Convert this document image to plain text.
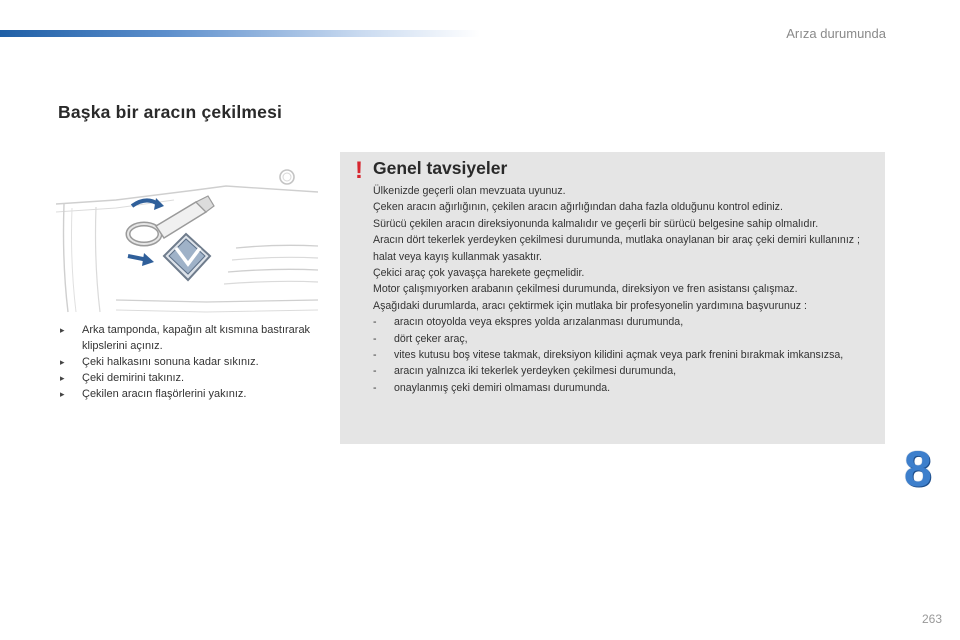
Arıza durumunda
Başka bir aracın çekilmesi
▸ Arka tamponda, kapağın alt kısmına bastırarak klipslerini açınız.
▸ Çeki halkasını sonuna kadar sıkınız.
▸ Çeki demirini takınız.
▸ Çekilen aracın flaşörlerini yakınız.
! Genel tavsiyeler

Ülkenizde geçerli olan mevzuata uyunuz.

Çeken aracın ağırlığının, çekilen aracın ağırlığından daha fazla olduğunu kontrol ediniz.

Sürücü çekilen aracın direksiyonunda kalmalıdır ve geçerli bir sürücü belgesine sahip olmalıdır.

Aracın dört tekerlek yerdeyken çekilmesi durumunda, mutlaka onaylanan bir araç çeki demiri kullanınız ; halat veya kayış kullanmak yasaktır.

Çekici araç çok yavaşça harekete geçmelidir.

Motor çalışmıyorken arabanın çekilmesi durumunda, direksiyon ve fren asistansı çalışmaz.

Aşağıdaki durumlarda, aracı çektirmek için mutlaka bir profesyonelin yardımına başvurunuz :

- aracın otoyolda veya ekspres yolda arızalanması durumunda,

- dört çeker araç,

- vites kutusu boş vitese takmak, direksiyon kilidini açmak veya park frenini bırakmak imkansızsa,

- aracın yalnızca iki tekerlek yerdeyken çekilmesi durumunda,

- onaylanmış çeki demiri olmaması durumunda.

8
263
